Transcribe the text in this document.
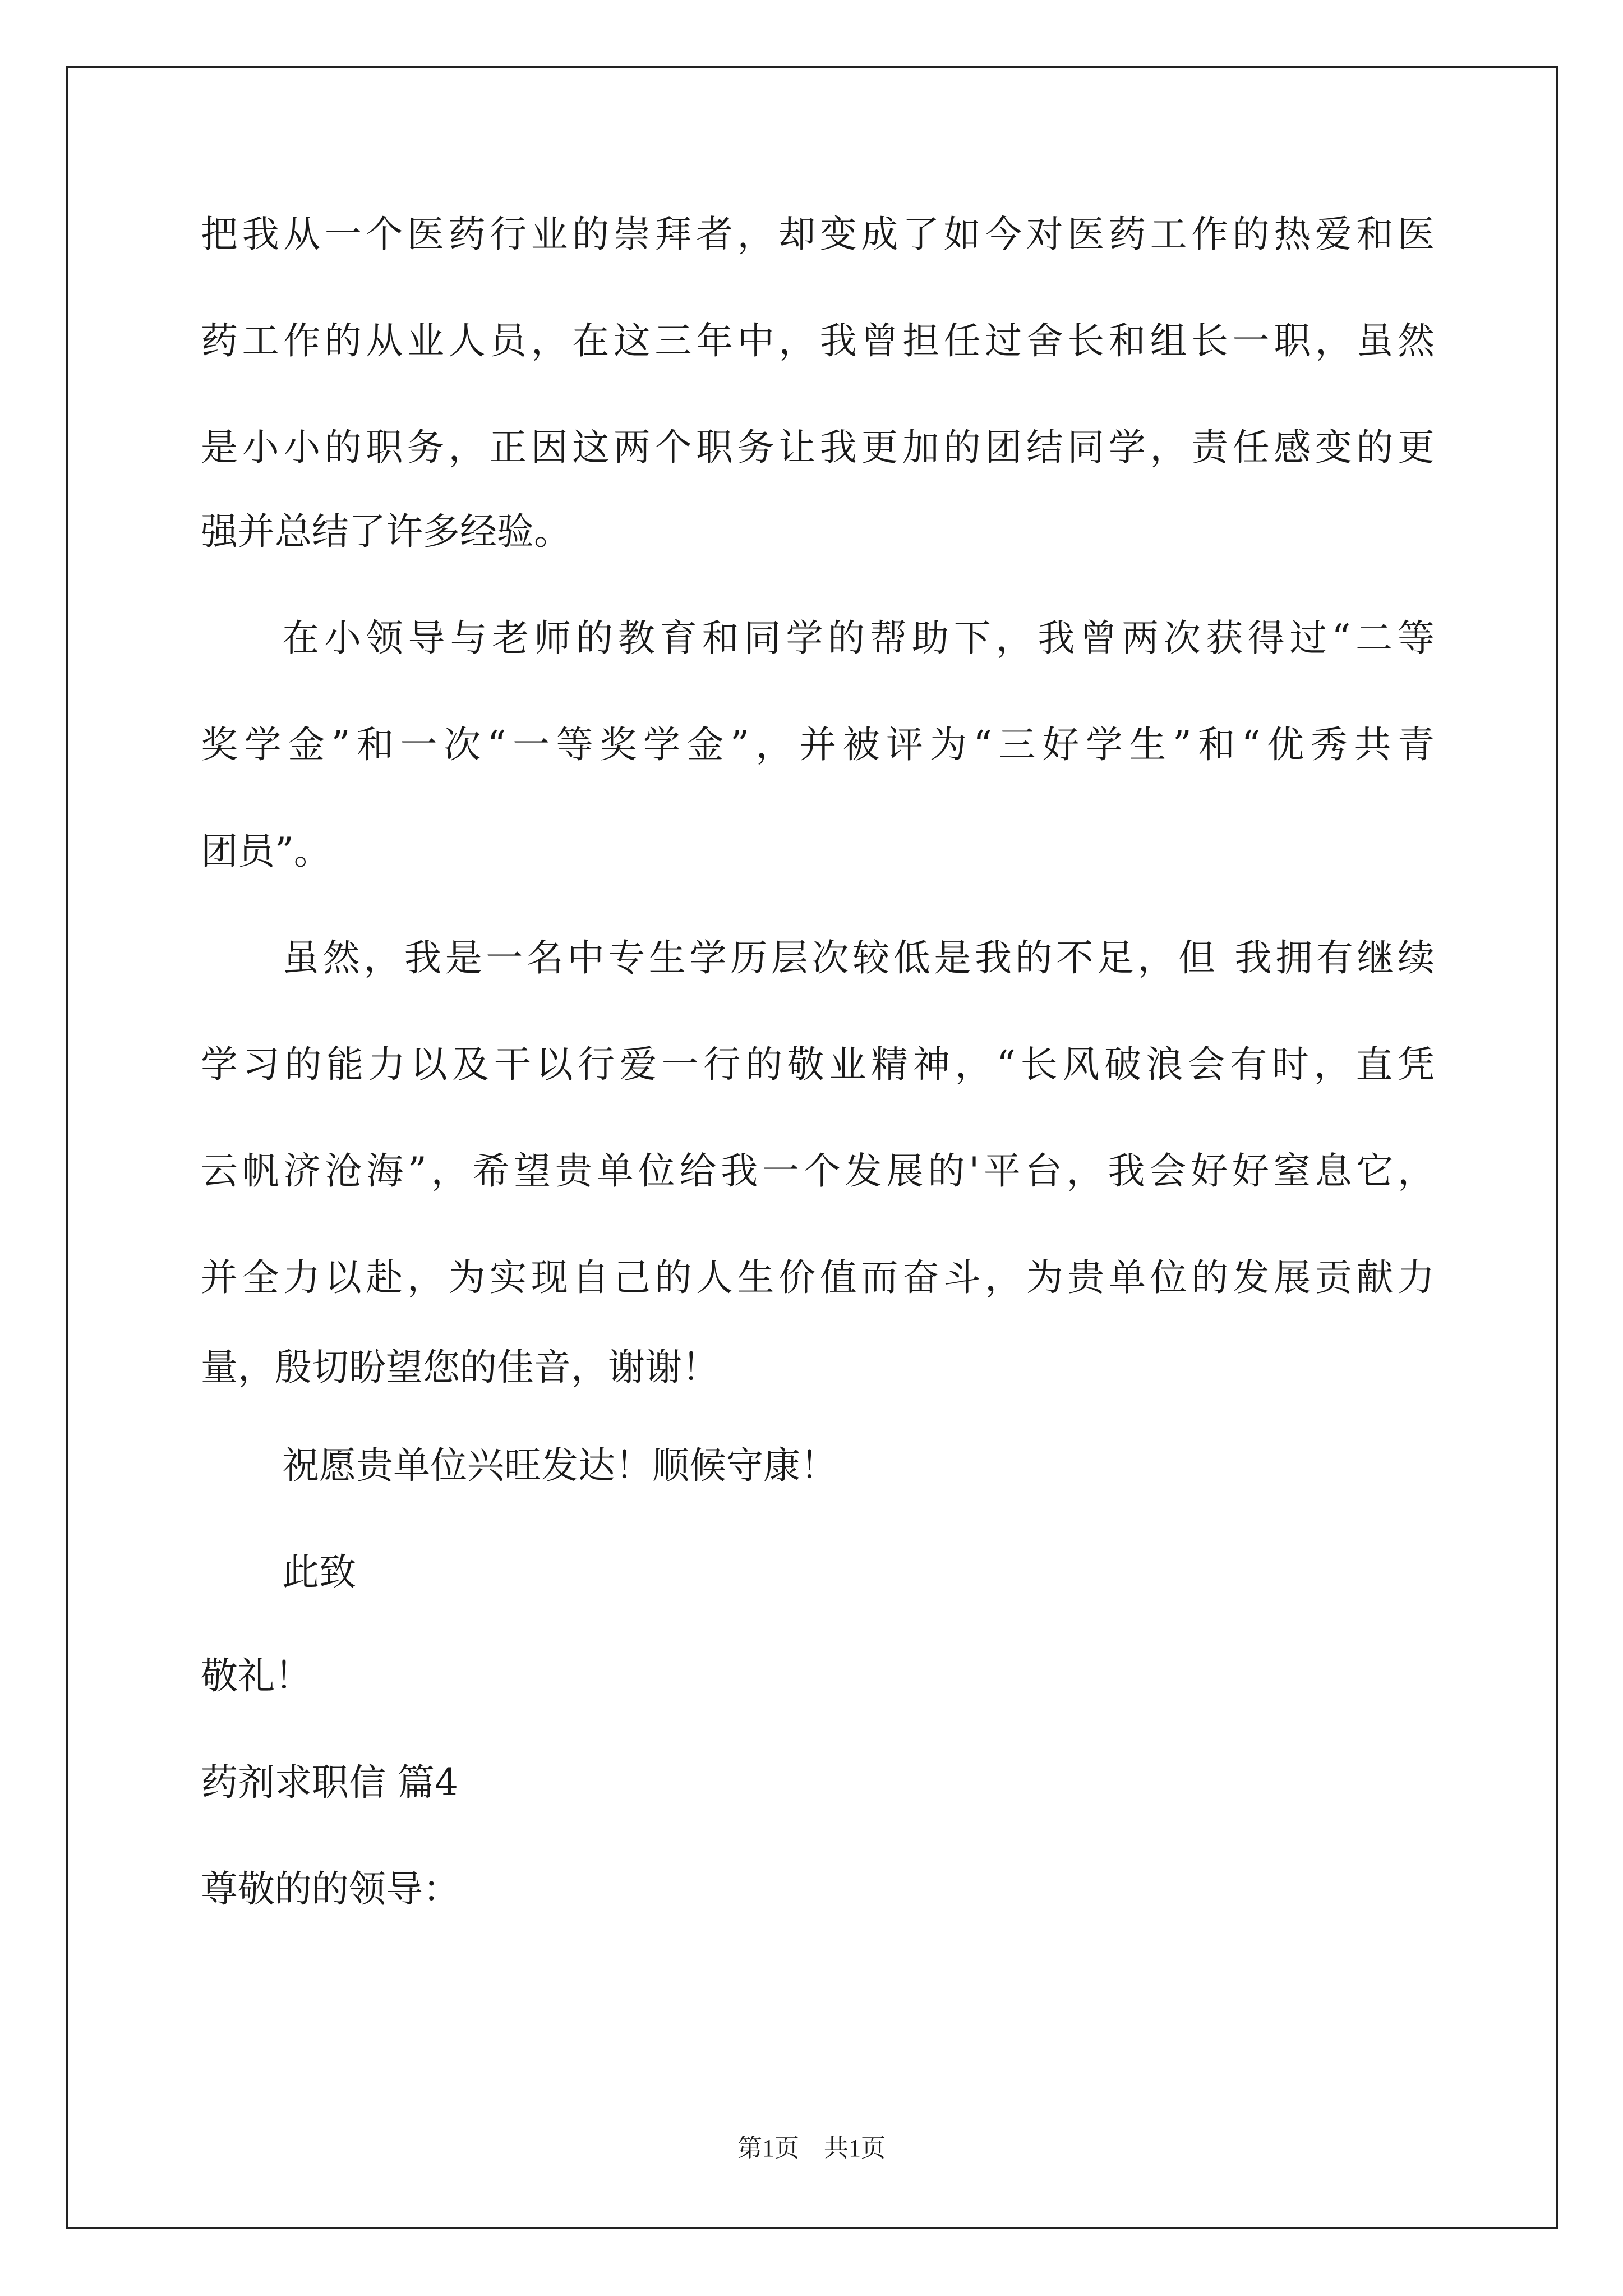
把我从一个医药行业的崇拜者，却变成了如今对医药工作的热爱和医
药工作的从业人员，在这三年中，我曾担任过舍长和组长一职，虽然
是小小的职务，正因这两个职务让我更加的团结同学，责任感变的更
强并总结了许多经验。
在小领导与老师的教育和同学的帮助下，我曾两次获得过“二等
奖学金”和一次“一等奖学金”，并被评为“三好学生”和“优秀共青
团员”。
虽然，我是一名中专生学历层次较低是我的不足，但 我拥有继续
学习的能力以及干以行爱一行的敬业精神，“长风破浪会有时，直凭
云帆济沧海”，希望贵单位给我一个发展的'平台，我会好好窒息它，
并全力以赴，为实现自己的人生价值而奋斗，为贵单位的发展贡献力
量，殷切盼望您的佳音，谢谢！
祝愿贵单位兴旺发达！顺候守康！
此致
敬礼！
药剂求职信 篇4
尊敬的的领导：
第1页　共1页
